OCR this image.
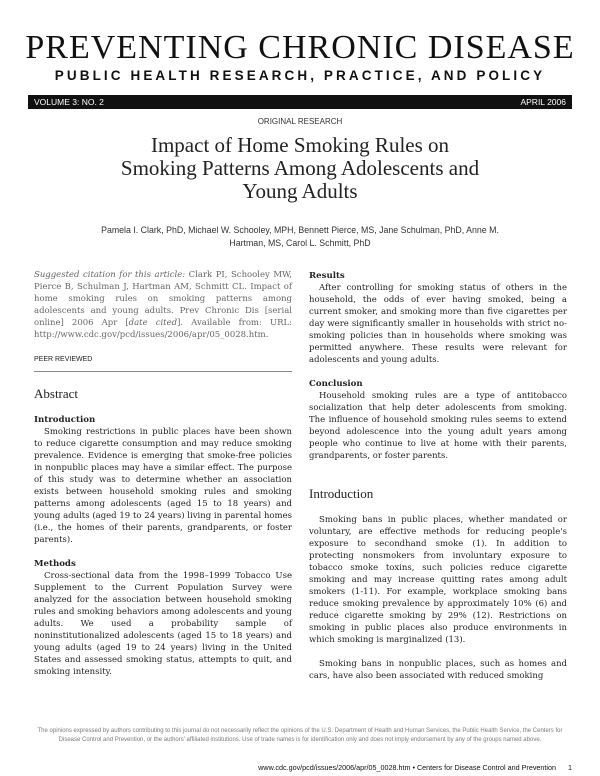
PREVENTING CHRONIC DISEASE
PUBLIC HEALTH RESEARCH, PRACTICE, AND POLICY
VOLUME 3: NO. 2	APRIL 2006
ORIGINAL RESEARCH
Impact of Home Smoking Rules on
Smoking Patterns Among Adolescents and
Young Adults
Pamela I. Clark, PhD, Michael W. Schooley, MPH, Bennett Pierce, MS, Jane Schulman, PhD, Anne M.
Hartman, MS, Carol L. Schmitt, PhD
Suggested citation for this article: Clark PI, Schooley MW, Pierce B, Schulman J, Hartman AM, Schmitt CL. Impact of home smoking rules on smoking patterns among adolescents and young adults. Prev Chronic Dis [serial online] 2006 Apr [date cited]. Available from: URL: http://www.cdc.gov/pcd/issues/2006/apr/05_0028.htm.
PEER REVIEWED
Abstract
Introduction

Smoking restrictions in public places have been shown to reduce cigarette consumption and may reduce smoking prevalence. Evidence is emerging that smoke-free policies in nonpublic places may have a similar effect. The purpose of this study was to determine whether an association exists between household smoking rules and smoking patterns among adolescents (aged 15 to 18 years) and young adults (aged 19 to 24 years) living in parental homes (i.e., the homes of their parents, grandparents, or foster parents).

Methods

Cross-sectional data from the 1998–1999 Tobacco Use Supplement to the Current Population Survey were analyzed for the association between household smoking rules and smoking behaviors among adolescents and young adults. We used a probability sample of noninstitutionalized adolescents (aged 15 to 18 years) and young adults (aged 19 to 24 years) living in the United States and assessed smoking status, attempts to quit, and smoking intensity.

Results

After controlling for smoking status of others in the household, the odds of ever having smoked, being a current smoker, and smoking more than five cigarettes per day were significantly smaller in households with strict no-smoking policies than in households where smoking was permitted anywhere. These results were relevant for adolescents and young adults.

Conclusion

Household smoking rules are a type of antitobacco socialization that help deter adolescents from smoking. The influence of household smoking rules seems to extend beyond adolescence into the young adult years among people who continue to live at home with their parents, grandparents, or foster parents.

Introduction

Smoking bans in public places, whether mandated or voluntary, are effective methods for reducing people's exposure to secondhand smoke (1). In addition to protecting nonsmokers from involuntary exposure to tobacco smoke toxins, such policies reduce cigarette smoking and may increase quitting rates among adult smokers (1-11). For example, workplace smoking bans reduce smoking prevalence by approximately 10% (6) and reduce cigarette smoking by 29% (12). Restrictions on smoking in public places also produce environments in which smoking is marginalized (13).

Smoking bans in nonpublic places, such as homes and cars, have also been associated with reduced smoking

The opinions expressed by authors contributing to this journal do not necessarily reflect the opinions of the U.S. Department of Health and Human Services, the Public Health Service, the Centers for Disease Control and Prevention, or the authors' affiliated institutions. Use of trade names is for identification only and does not imply endorsement by any of the groups named above.
www.cdc.gov/pcd/issues/2006/apr/05_0028.htm • Centers for Disease Control and Prevention 1
